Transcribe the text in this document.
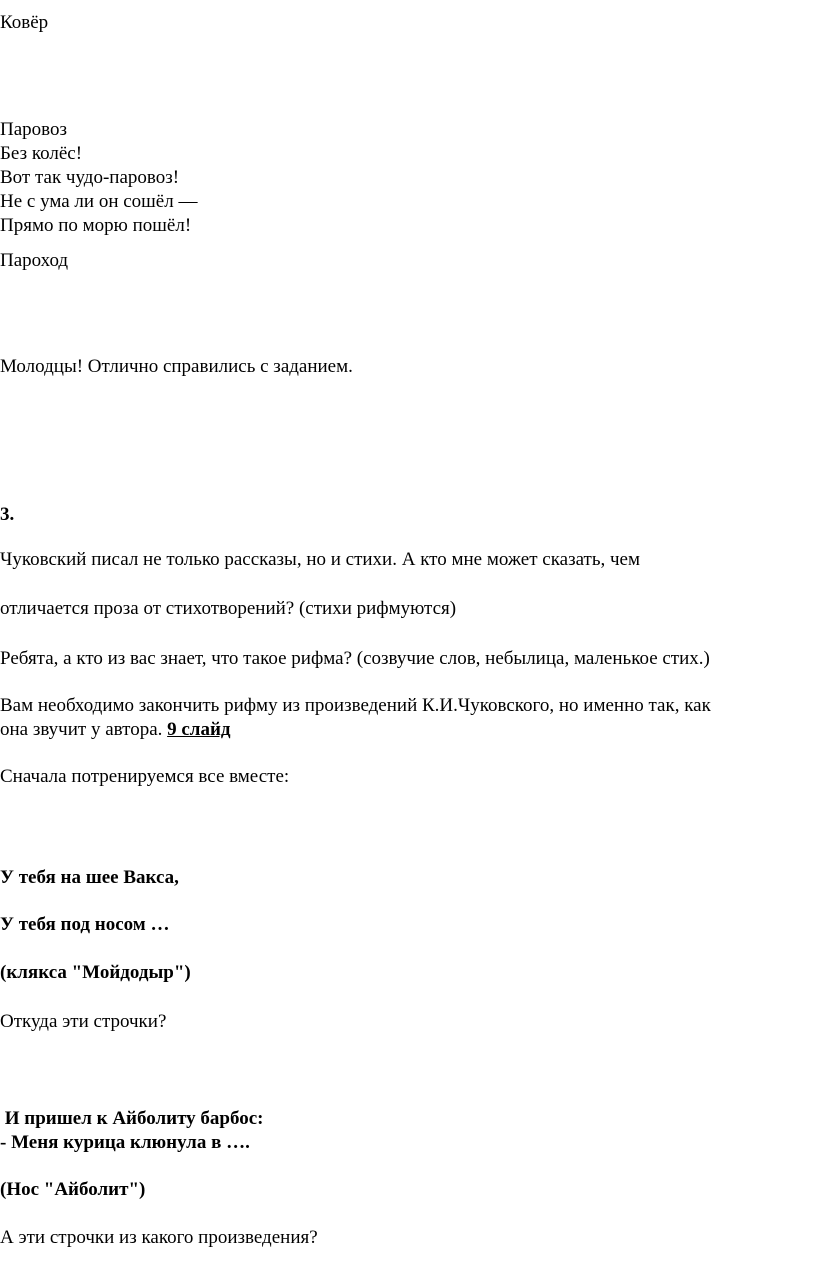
Ковёр
Паровоз
Без колёс!
Вот так чудо-паровоз!
Не с ума ли он сошёл —
Прямо по морю пошёл!
Пароход
Молодцы! Отлично справились с заданием.
3.
Чуковский писал не только рассказы, но и стихи. А кто мне может сказать, чем
отличается проза от стихотворений? (стихи рифмуются)
Ребята, а кто из вас знает, что такое рифма? (созвучие слов, небылица, маленькое стих.)
Вам необходимо закончить рифму из произведений К.И.Чуковского, но именно так, как
она звучит у автора. 9 слайд
Сначала потренируемся все вместе:
У тебя на шее Вакса,
У тебя под носом …
(клякса "Мойдодыр")
Откуда эти строчки?
И пришел к Айболиту барбос:
- Меня курица клюнула в ….
(Нос "Айболит")
А эти строчки из какого произведения?
